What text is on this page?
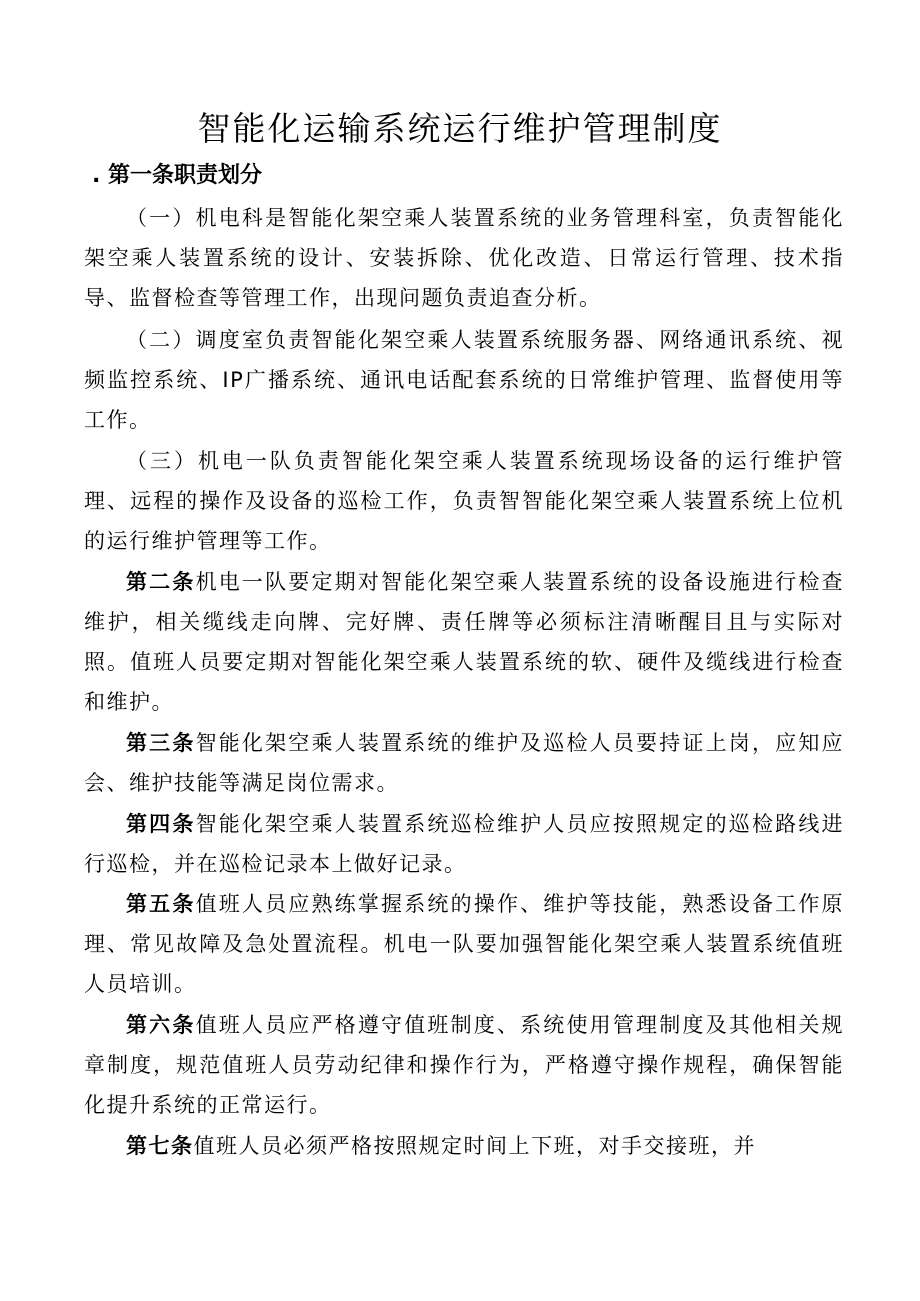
智能化运输系统运行维护管理制度
. 第一条职责划分

（一）机电科是智能化架空乘人装置系统的业务管理科室，负责智能化架空乘人装置系统的设计、安装拆除、优化改造、日常运行管理、技术指导、监督检查等管理工作，出现问题负责追查分析。

（二）调度室负责智能化架空乘人装置系统服务器、网络通讯系统、视频监控系统、IP广播系统、通讯电话配套系统的日常维护管理、监督使用等工作。

（三）机电一队负责智能化架空乘人装置系统现场设备的运行维护管理、远程的操作及设备的巡检工作，负责智智能化架空乘人装置系统上位机的运行维护管理等工作。

第二条机电一队要定期对智能化架空乘人装置系统的设备设施进行检查维护，相关缆线走向牌、完好牌、责任牌等必须标注清晰醒目且与实际对照。值班人员要定期对智能化架空乘人装置系统的软、硬件及缆线进行检查和维护。

第三条智能化架空乘人装置系统的维护及巡检人员要持证上岗，应知应会、维护技能等满足岗位需求。

第四条智能化架空乘人装置系统巡检维护人员应按照规定的巡检路线进行巡检，并在巡检记录本上做好记录。

第五条值班人员应熟练掌握系统的操作、维护等技能，熟悉设备工作原理、常见故障及急处置流程。机电一队要加强智能化架空乘人装置系统值班人员培训。

第六条值班人员应严格遵守值班制度、系统使用管理制度及其他相关规章制度，规范值班人员劳动纪律和操作行为，严格遵守操作规程，确保智能化提升系统的正常运行。

第七条值班人员必须严格按照规定时间上下班，对手交接班，并
